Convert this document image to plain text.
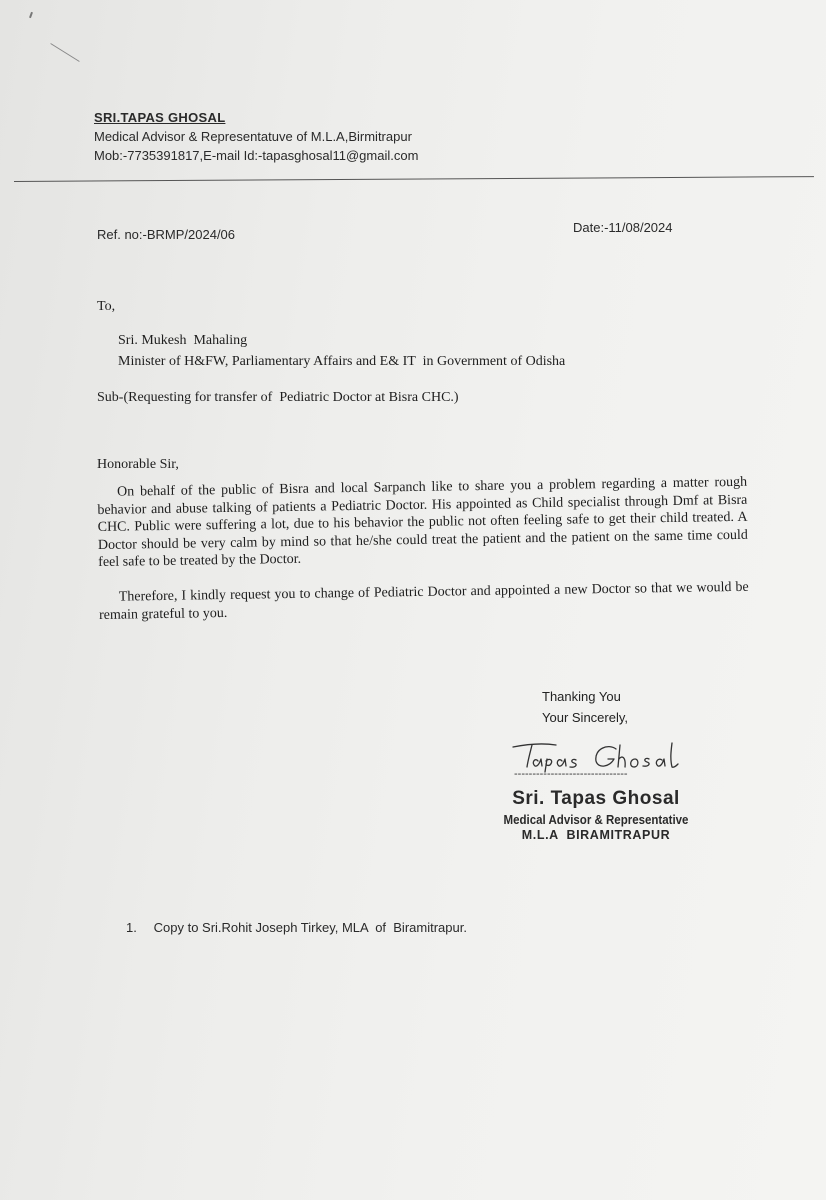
SRI.TAPAS GHOSAL
Medical Advisor & Representatuve of M.L.A,Birmitrapur
Mob:-7735391817,E-mail Id:-tapasghosal11@gmail.com
Ref. no:-BRMP/2024/06	Date:-11/08/2024
To,
Sri. Mukesh  Mahaling
Minister of H&FW, Parliamentary Affairs and E& IT  in Government of Odisha
Sub-(Requesting for transfer of  Pediatric Doctor at Bisra CHC.)
Honorable Sir,

On behalf of the public of Bisra and local Sarpanch like to share you a problem regarding a matter rough behavior and abuse talking of patients a Pediatric Doctor. His appointed as Child specialist through Dmf at Bisra CHC. Public were suffering a lot, due to his behavior the public not often feeling safe to get their child treated. A Doctor should be very calm by mind so that he/she could treat the patient and the patient on the same time could feel safe to be treated by the Doctor.

Therefore, I kindly request you to change of Pediatric Doctor and appointed a new Doctor so that we would be remain grateful to you.

Thanking You
Your Sincerely,
-------------------------------
Sri. Tapas Ghosal
Medical Advisor & Representative
M.L.A  BIRAMITRAPUR
1. Copy to Sri.Rohit Joseph Tirkey, MLA  of  Biramitrapur.
